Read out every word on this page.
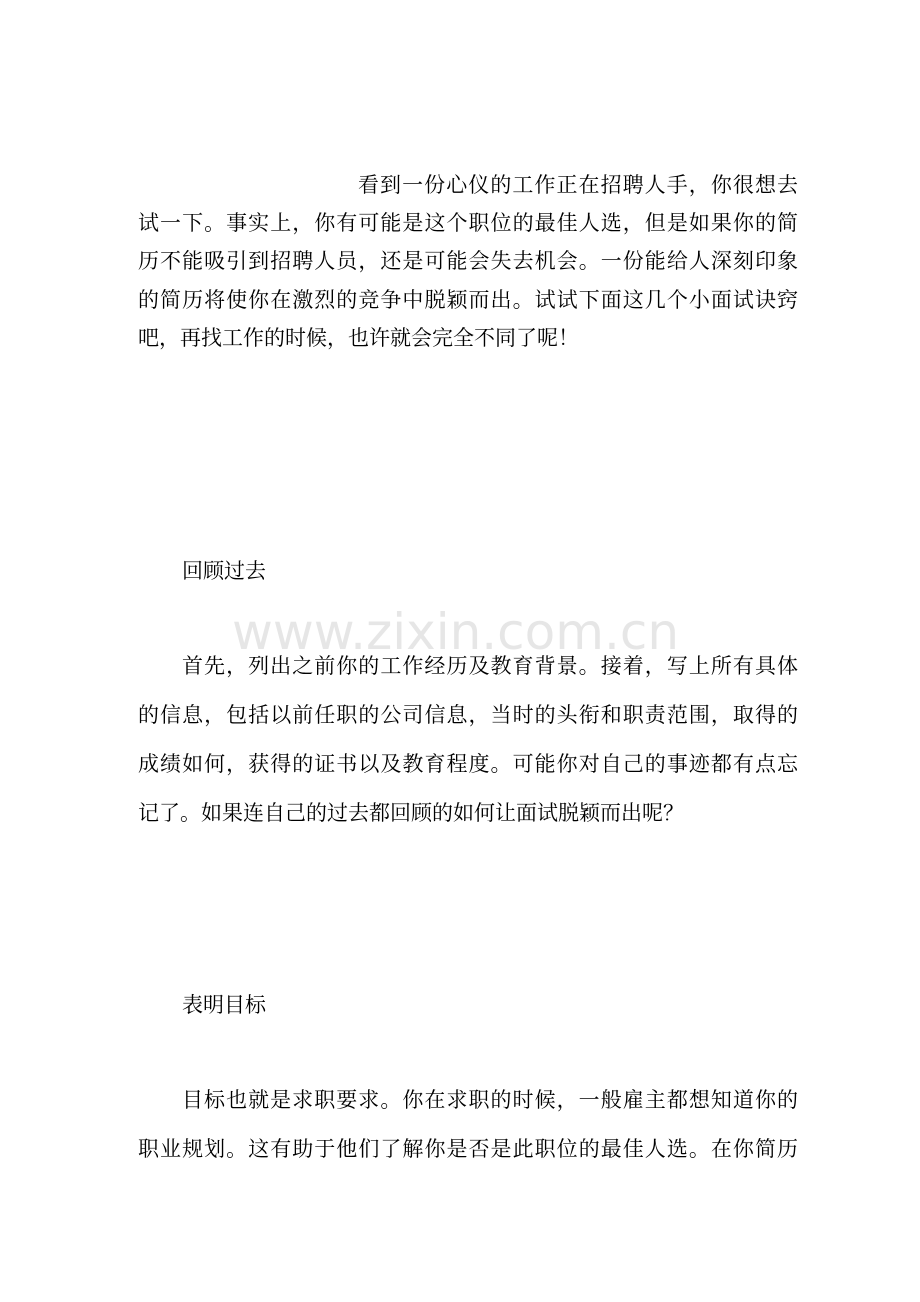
www.zixin.com.cn
看到一份心仪的工作正在招聘人手，你很想去
试一下。事实上，你有可能是这个职位的最佳人选，但是如果你的简
历不能吸引到招聘人员，还是可能会失去机会。一份能给人深刻印象
的简历将使你在激烈的竞争中脱颖而出。试试下面这几个小面试诀窍
吧，再找工作的时候，也许就会完全不同了呢！
回顾过去
首先，列出之前你的工作经历及教育背景。接着，写上所有具体
的信息，包括以前任职的公司信息，当时的头衔和职责范围，取得的
成绩如何，获得的证书以及教育程度。可能你对自己的事迹都有点忘
记了。如果连自己的过去都回顾的如何让面试脱颖而出呢？
表明目标
目标也就是求职要求。你在求职的时候，一般雇主都想知道你的
职业规划。这有助于他们了解你是否是此职位的最佳人选。在你简历
